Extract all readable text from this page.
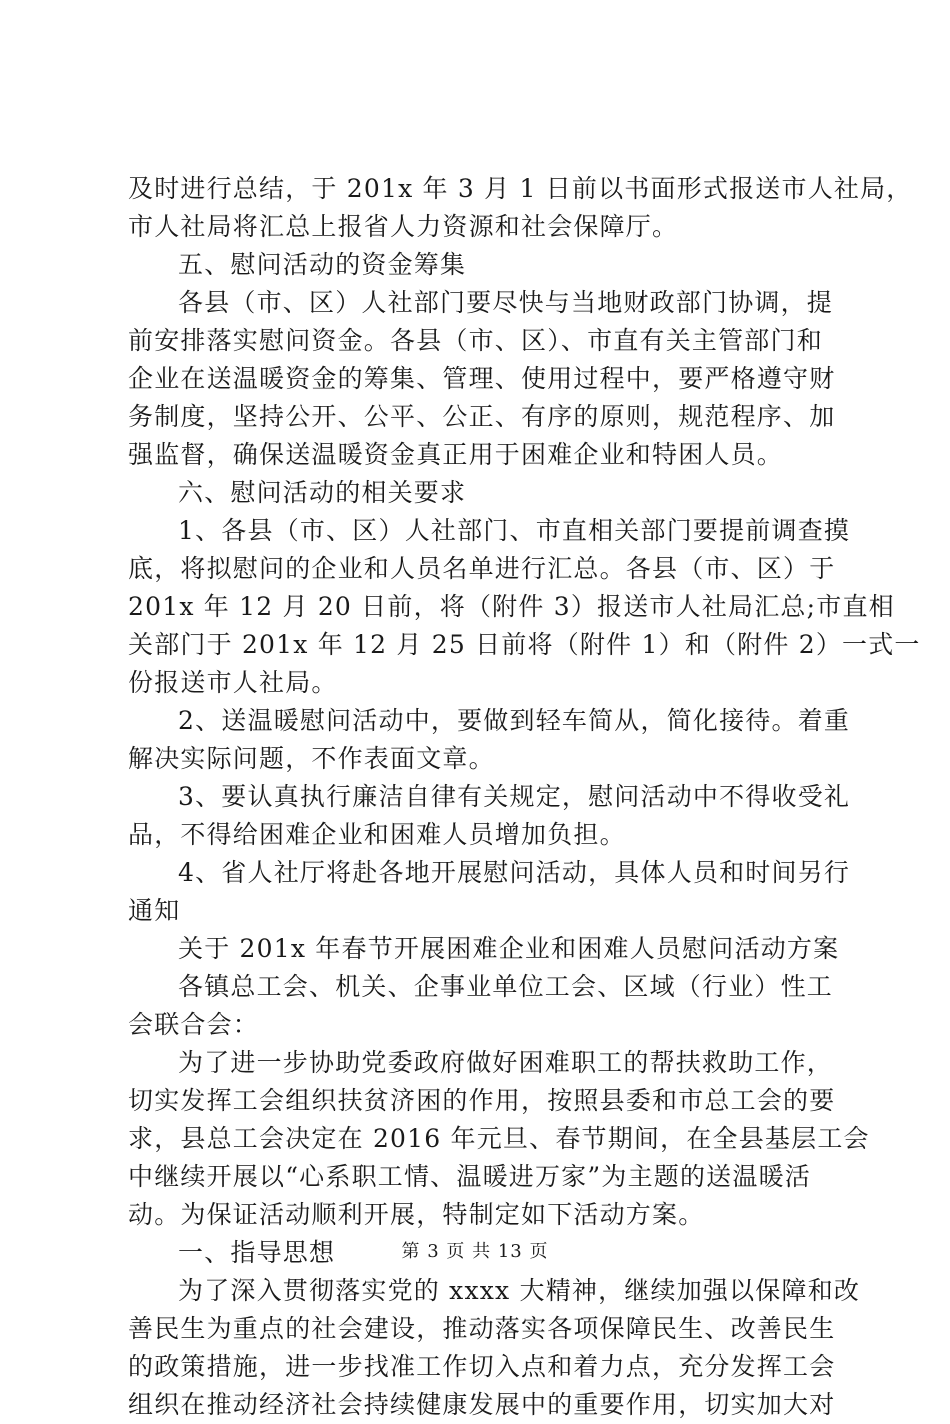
及时进行总结，于 201x 年 3 月 1 日前以书面形式报送市人社局，
市人社局将汇总上报省人力资源和社会保障厅。
五、慰问活动的资金筹集
各县（市、区）人社部门要尽快与当地财政部门协调，提
前安排落实慰问资金。各县（市、区）、市直有关主管部门和
企业在送温暖资金的筹集、管理、使用过程中，要严格遵守财
务制度，坚持公开、公平、公正、有序的原则，规范程序、加
强监督，确保送温暖资金真正用于困难企业和特困人员。
六、慰问活动的相关要求
1、各县（市、区）人社部门、市直相关部门要提前调查摸
底，将拟慰问的企业和人员名单进行汇总。各县（市、区）于
201x 年 12 月 20 日前，将（附件 3）报送市人社局汇总;市直相
关部门于 201x 年 12 月 25 日前将（附件 1）和（附件 2）一式一
份报送市人社局。
2、送温暖慰问活动中，要做到轻车简从，简化接待。着重
解决实际问题，不作表面文章。
3、要认真执行廉洁自律有关规定，慰问活动中不得收受礼
品，不得给困难企业和困难人员增加负担。
4、省人社厅将赴各地开展慰问活动，具体人员和时间另行
通知
关于 201x 年春节开展困难企业和困难人员慰问活动方案
各镇总工会、机关、企事业单位工会、区域（行业）性工
会联合会：
为了进一步协助党委政府做好困难职工的帮扶救助工作，
切实发挥工会组织扶贫济困的作用，按照县委和市总工会的要
求，县总工会决定在 2016 年元旦、春节期间，在全县基层工会
中继续开展以“心系职工情、温暖进万家”为主题的送温暖活
动。为保证活动顺利开展，特制定如下活动方案。
一、指导思想
为了深入贯彻落实党的 xxxx 大精神，继续加强以保障和改
善民生为重点的社会建设，推动落实各项保障民生、改善民生
的政策措施，进一步找准工作切入点和着力点，充分发挥工会
组织在推动经济社会持续健康发展中的重要作用，切实加大对
第 3 页 共 13 页
